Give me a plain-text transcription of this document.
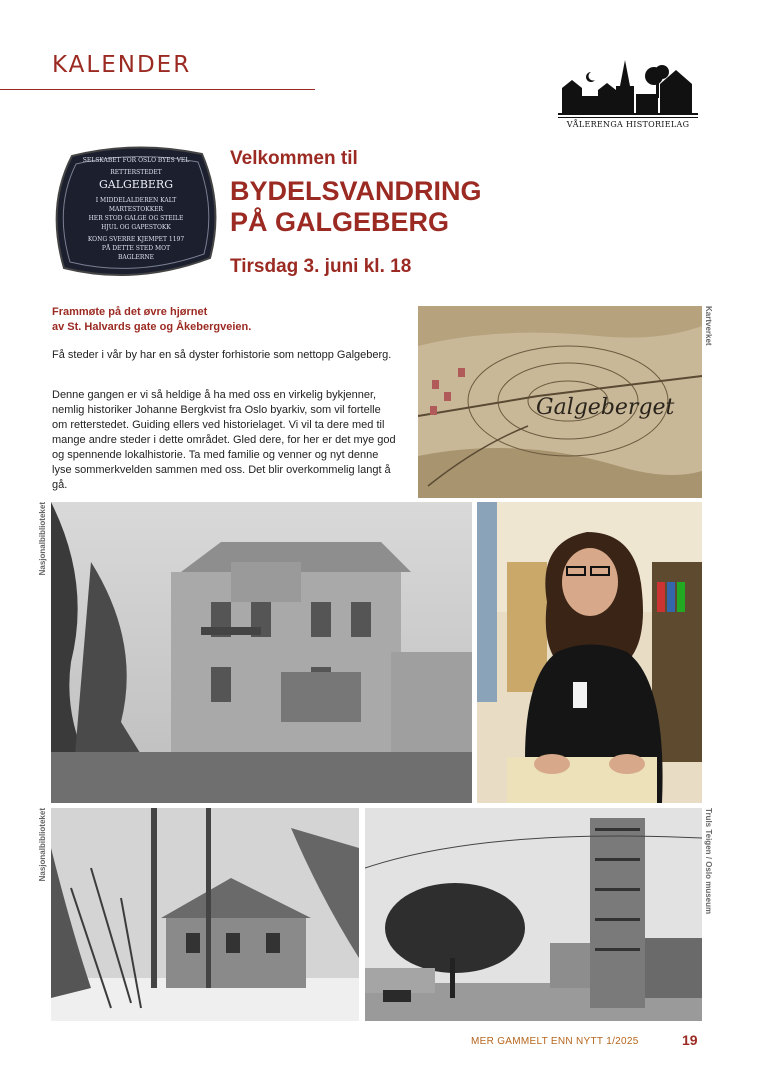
KALENDER
VÅLERENGA HISTORIELAG
SELSKABET FOR OSLO BYES VEL
RETTERSTEDET
GALGEBERG
I MIDDELALDEREN KALT
MARTESTOKKER
HER STOD GALGE OG STEILE
HJUL OG GAPESTOKK
KONG SVERRE KJEMPET 1197
PÅ DETTE STED MOT
BAGLERNE
Velkommen til
BYDELSVANDRING
PÅ GALGEBERG
Tirsdag 3. juni kl. 18
Frammøte på det øvre hjørnet
av St. Halvards gate og Åkebergveien.
Få steder i vår by har en så dyster forhistorie som nettopp Galgeberg.
Denne gangen er vi så heldige å ha med oss en virkelig bykjenner, nemlig historiker Johanne Bergkvist fra Oslo byarkiv, som vil fortelle om retterstedet. Guiding ellers ved historielaget. Vi vil ta dere med til mange andre steder i dette området. Gled dere, for her er det mye god og spennende lokalhistorie. Ta med familie og venner og nyt denne lyse sommerkvelden sammen med oss. Det blir overkommelig langt å gå.
Galgeberget
Kartverket
Nasjonalbiblioteket
Nasjonalbiblioteket	Truls Teigen / Oslo museum
MER GAMMELT ENN NYTT 1/2025	19
